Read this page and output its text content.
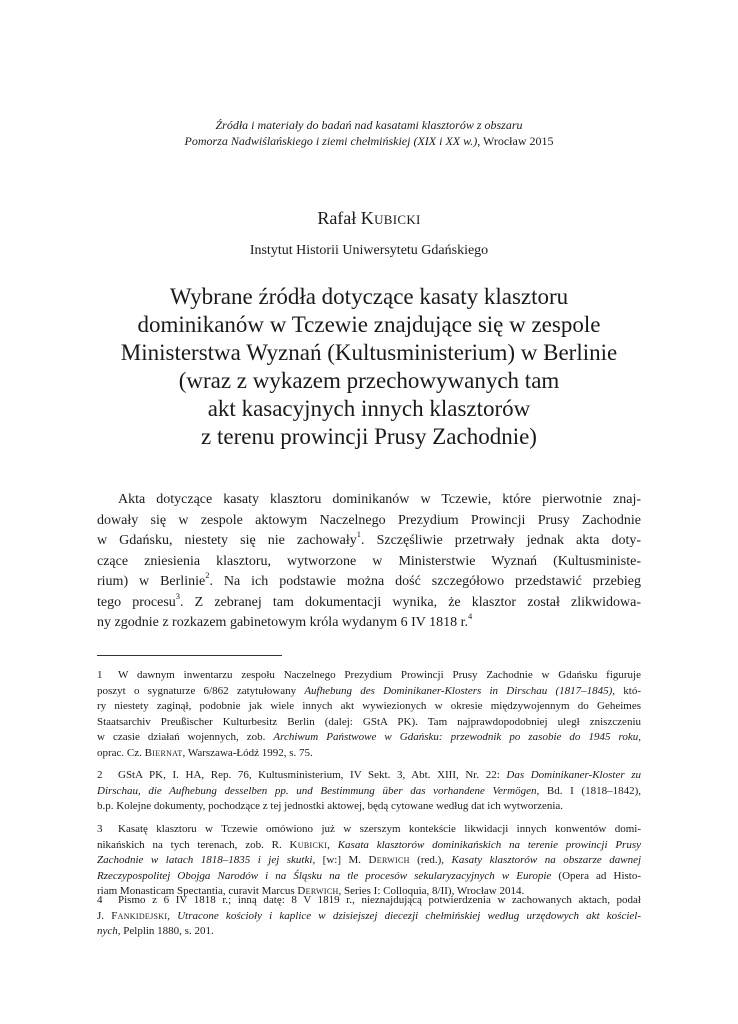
Źródła i materiały do badań nad kasatami klasztorów z obszaru
Pomorza Nadwiślańskiego i ziemi chełmińskiej (XIX i XX w.), Wrocław 2015
Rafał Kubicki
Instytut Historii Uniwersytetu Gdańskiego
Wybrane źródła dotyczące kasaty klasztoru
dominikanów w Tczewie znajdujące się w zespole
Ministerstwa Wyznań (Kultusministerium) w Berlinie
(wraz z wykazem przechowywanych tam
akt kasacyjnych innych klasztorów
z terenu prowincji Prusy Zachodnie)
Akta dotyczące kasaty klasztoru dominikanów w Tczewie, które pierwotnie znaj-
dowały się w zespole aktowym Naczelnego Prezydium Prowincji Prusy Zachodnie
w Gdańsku, niestety się nie zachowały$^1$. Szczęśliwie przetrwały jednak akta doty-
czące zniesienia klasztoru, wytworzone w Ministerstwie Wyznań (Kultusministe-
rium) w Berlinie$^2$. Na ich podstawie można dość szczegółowo przedstawić przebieg
tego procesu$^3$. Z zebranej tam dokumentacji wynika, że klasztor został zlikwidowa-
ny zgodnie z rozkazem gabinetowym króla wydanym 6 IV 1818 r.$^4$
1 W dawnym inwentarzu zespołu Naczelnego Prezydium Prowincji Prusy Zachodnie w Gdańsku figuruje
poszyt o sygnaturze 6/862 zatytułowany Aufhebung des Dominikaner-Klosters in Dirschau (1817–1845), któ-
ry niestety zaginął, podobnie jak wiele innych akt wywiezionych w okresie międzywojennym do Geheimes
Staatsarchiv Preußischer Kulturbesitz Berlin (dalej: GStA PK). Tam najprawdopodobniej uległ zniszczeniu
w czasie działań wojennych, zob. Archiwum Państwowe w Gdańsku: przewodnik po zasobie do 1945 roku,
oprac. Cz. Biernat, Warszawa-Łódź 1992, s. 75.
2 GStA PK, I. HA, Rep. 76, Kultusministerium, IV Sekt. 3, Abt. XIII, Nr. 22: Das Dominikaner-Kloster zu
Dirschau, die Aufhebung desselben pp. und Bestimmung über das vorhandene Vermögen, Bd. I (1818–1842),
b.p. Kolejne dokumenty, pochodzące z tej jednostki aktowej, będą cytowane według dat ich wytworzenia.
3 Kasatę klasztoru w Tczewie omówiono już w szerszym kontekście likwidacji innych konwentów domi-
nikańskich na tych terenach, zob. R. Kubicki, Kasata klasztorów dominikańskich na terenie prowincji Prusy
Zachodnie w latach 1818–1835 i jej skutki, [w:] M. Derwich (red.), Kasaty klasztorów na obszarze dawnej
Rzeczypospolitej Obojga Narodów i na Śląsku na tle procesów sekularyzacyjnych w Europie (Opera ad Histo-
riam Monasticam Spectantia, curavit Marcus Derwich, Series I: Colloquia, 8/II), Wrocław 2014.
4 Pismo z 6 IV 1818 r.; inną datę: 8 V 1819 r., nieznajdującą potwierdzenia w zachowanych aktach, podał
J. Fankidejski, Utracone kościoły i kaplice w dzisiejszej diecezji chełmińskiej według urzędowych akt kościel-
nych, Pelplin 1880, s. 201.
